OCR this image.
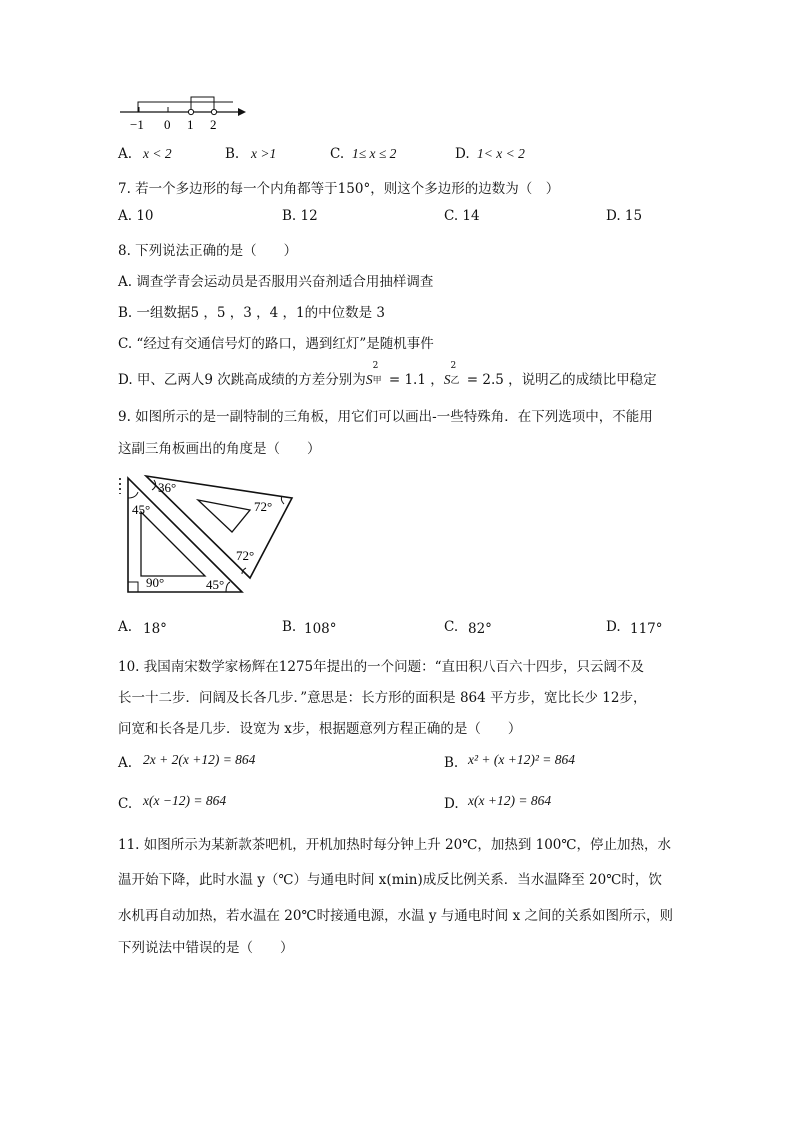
−1 0 1 2
A. x < 2	B. x >1	C. 1≤ x ≤ 2	D. 1< x < 2
7. 若一个多边形的每一个内角都等于150°，则这个多边形的边数为（　）
A. 10	B. 12	C. 14	D. 15
8. 下列说法正确的是（　　）
A. 调查学青会运动员是否服用兴奋剂适合用抽样调查
B. 一组数据5 ，5 ，3 ，4 ，1的中位数是 3
C. “经过有交通信号灯的路口，遇到红灯”是随机事件
D. 甲、乙两人9 次跳高成绩的方差分别为S
2
甲 = 1.1 ，S
2
乙 = 2.5 ，说明乙的成绩比甲稳定
9. 如图所示的是一副特制的三角板，用它们可以画出-一些特殊角．在下列选项中，不能用
这副三角板画出的角度是（　　）
36°
72°
45°
72°
90°	45°
A. 18°	B. 108°	C. 82°	D. 117°
10. 我国南宋数学家杨辉在1275年提出的一个问题：“直田积八百六十四步，只云阔不及
长一十二步．问阔及长各几步．”意思是：长方形的面积是 864 平方步，宽比长少 12步，
问宽和长各是几步．设宽为 x步，根据题意列方程正确的是（　　）
A. 2x + 2(x +12) = 864	B. x² + (x +12)² = 864
C. x(x −12) = 864	D. x(x +12) = 864
11. 如图所示为某新款茶吧机，开机加热时每分钟上升 20℃，加热到 100℃，停止加热，水
温开始下降，此时水温 y（℃）与通电时间 x(min)成反比例关系．当水温降至 20℃时，饮
水机再自动加热，若水温在 20℃时接通电源，水温 y 与通电时间 x 之间的关系如图所示，则
下列说法中错误的是（　　）
